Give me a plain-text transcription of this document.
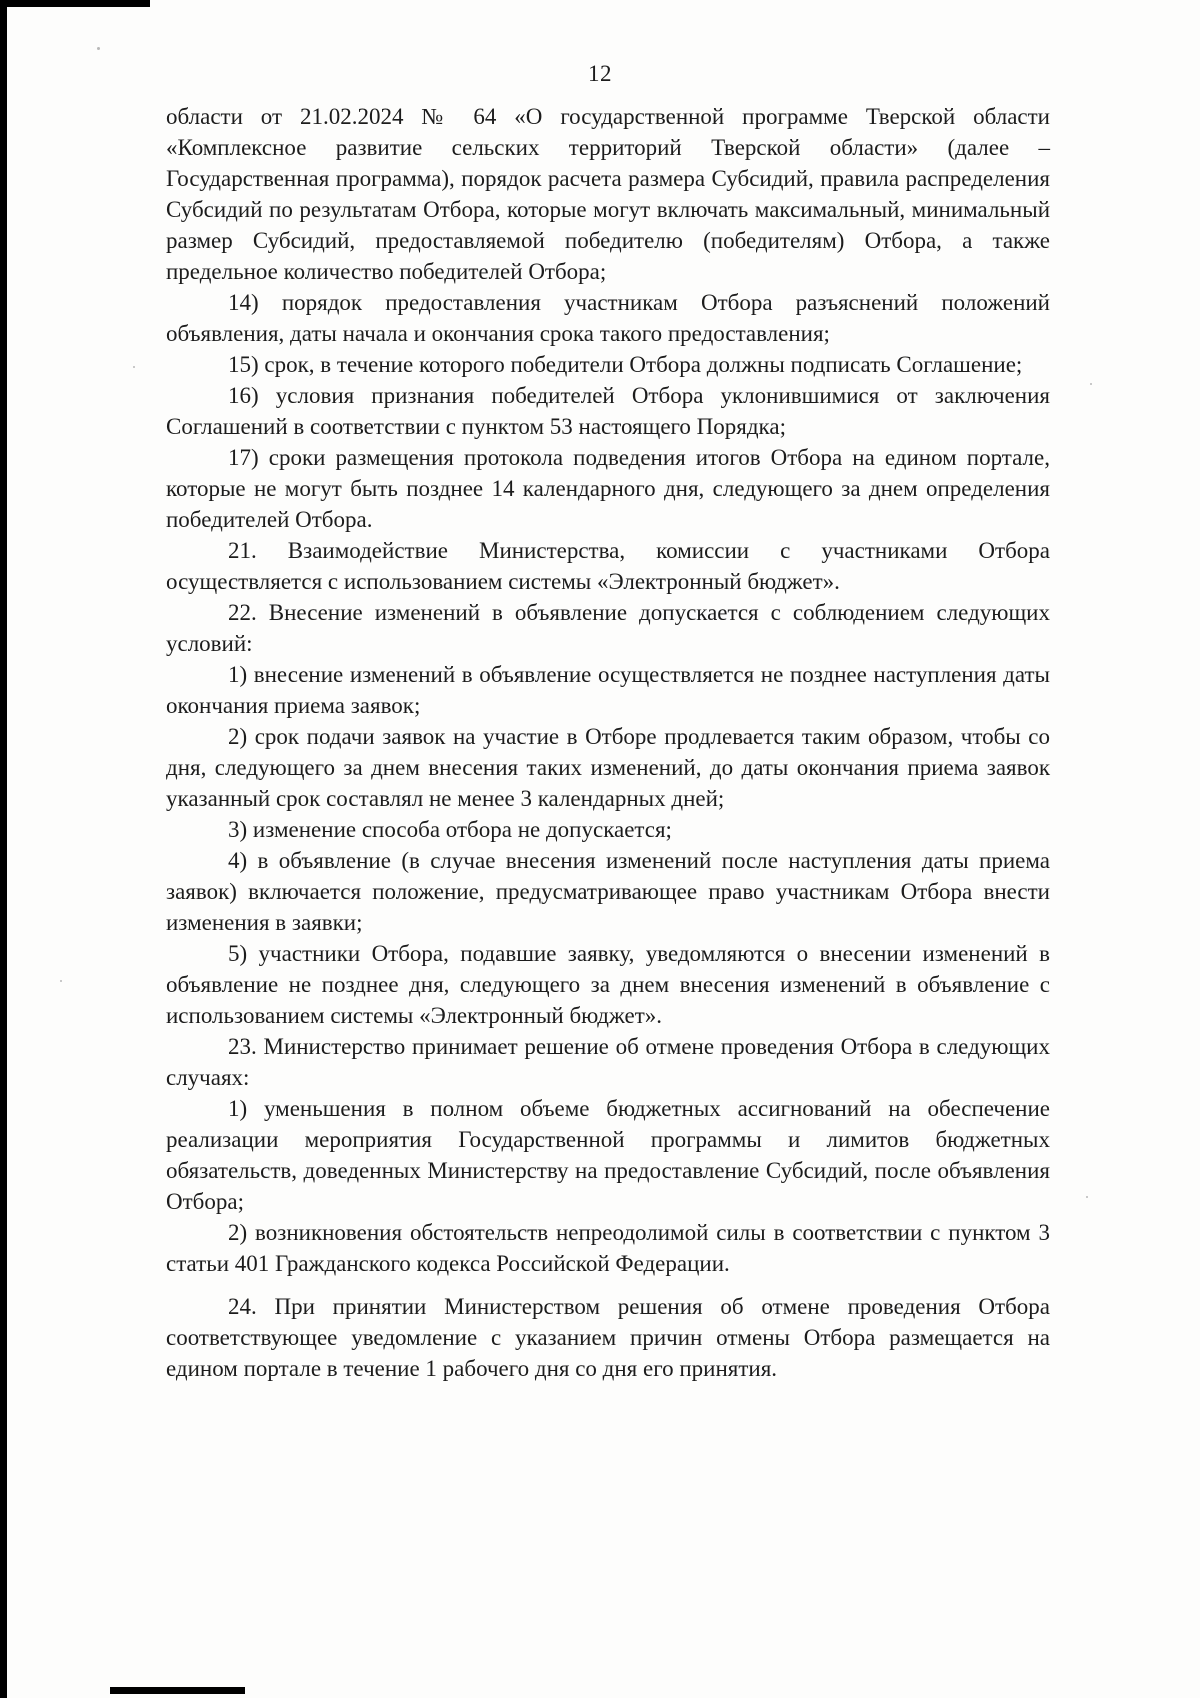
12

области от 21.02.2024 № 64 «О государственной программе Тверской области «Комплексное развитие сельских территорий Тверской области» (далее – Государственная программа), порядок расчета размера Субсидий, правила распределения Субсидий по результатам Отбора, которые могут включать максимальный, минимальный размер Субсидий, предоставляемой победителю (победителям) Отбора, а также предельное количество победителей Отбора;

14) порядок предоставления участникам Отбора разъяснений положений объявления, даты начала и окончания срока такого предоставления;

15) срок, в течение которого победители Отбора должны подписать Соглашение;

16) условия признания победителей Отбора уклонившимися от заключения Соглашений в соответствии с пунктом 53 настоящего Порядка;

17) сроки размещения протокола подведения итогов Отбора на едином портале, которые не могут быть позднее 14 календарного дня, следующего за днем определения победителей Отбора.

21. Взаимодействие Министерства, комиссии с участниками Отбора осуществляется с использованием системы «Электронный бюджет».

22. Внесение изменений в объявление допускается с соблюдением следующих условий:

1) внесение изменений в объявление осуществляется не позднее наступления даты окончания приема заявок;

2) срок подачи заявок на участие в Отборе продлевается таким образом, чтобы со дня, следующего за днем внесения таких изменений, до даты окончания приема заявок указанный срок составлял не менее 3 календарных дней;

3) изменение способа отбора не допускается;

4) в объявление (в случае внесения изменений после наступления даты приема заявок) включается положение, предусматривающее право участникам Отбора внести изменения в заявки;

5) участники Отбора, подавшие заявку, уведомляются о внесении изменений в объявление не позднее дня, следующего за днем внесения изменений в объявление с использованием системы «Электронный бюджет».

23. Министерство принимает решение об отмене проведения Отбора в следующих случаях:

1) уменьшения в полном объеме бюджетных ассигнований на обеспечение реализации мероприятия Государственной программы и лимитов бюджетных обязательств, доведенных Министерству на предоставление Субсидий, после объявления Отбора;

2) возникновения обстоятельств непреодолимой силы в соответствии с пунктом 3 статьи 401 Гражданского кодекса Российской Федерации.

24. При принятии Министерством решения об отмене проведения Отбора соответствующее уведомление с указанием причин отмены Отбора размещается на едином портале в течение 1 рабочего дня со дня его принятия.
